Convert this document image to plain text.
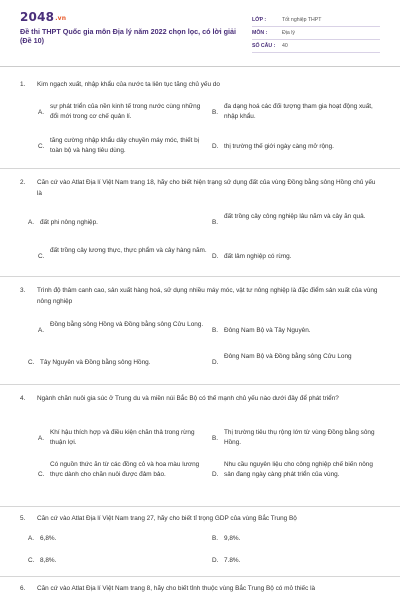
2048.vn
Đề thi THPT Quốc gia môn Địa lý năm 2022 chọn lọc, có lời giải (Đề 10)
LỚP :	Tốt nghiệp THPT
MÔN :	Địa lý
SỐ CÂU :	40
1.	Kim ngạch xuất, nhập khẩu của nước ta liên tục tăng chủ yếu do
A.
sự phát triển của nền kinh tế trong nước cùng những đổi mới trong cơ chế quản lí.
B.
đa dạng hoá các đối tượng tham gia hoạt động xuất, nhập khẩu.
C.
tăng cường nhập khẩu dây chuyền máy móc, thiết bị toàn bộ và hàng tiêu dùng.
D. thị trường thế giới ngày càng mở rộng.
2.	Căn cứ vào Atlat Địa lí Việt Nam trang 18, hãy cho biết hiện trạng sử dụng đất của vùng Đồng bằng sông Hồng chủ yếu là
A. đất phi nông nghiệp.	B.
đất trồng cây công nghiệp lâu năm và cây ăn quả.
C.
đất trồng cây lương thực, thực phẩm và cây hàng năm.
D. đất lâm nghiệp có rừng.
3.	Trình độ thâm canh cao, sản xuất hàng hoá, sử dụng nhiều máy móc, vật tư nông nghiệp là đặc điểm sản xuất của vùng nông nghiệp
A.
Đồng bằng sông Hồng và Đồng bằng sông Cửu Long.
B. Đông Nam Bộ và Tây Nguyên.
C. Tây Nguyên và Đồng bằng sông Hồng.	D.
Đông Nam Bộ và Đồng bằng sông Cửu Long
4.	Ngành chăn nuôi gia súc ở Trung du và miền núi Bắc Bộ có thế mạnh chủ yếu nào dưới đây để phát triển?
A.
Khí hậu thích hợp và điều kiện chăn thả trong rừng thuận lợi.
B.
Thị trường tiêu thụ rộng lớn từ vùng Đồng bằng sông Hồng.
C.
Có nguồn thức ăn từ các đồng cỏ và hoa màu lương thực dành cho chăn nuôi được đảm bảo.	D.
Nhu cầu nguyên liệu cho công nghiệp chế biến nông sản đang ngày càng phát triển của vùng.
5.	Căn cứ vào Atlat Địa lí Việt Nam trang 27, hãy cho biết tỉ trọng GDP của vùng Bắc Trung Bộ
A. 6,8%.	B. 9,8%.
C. 8,8%.	D. 7.8%.
6.	Căn cứ vào Atlat Địa lí Việt Nam trang 8, hãy cho biết tỉnh thuộc vùng Bắc Trung Bộ có mỏ thiếc là
